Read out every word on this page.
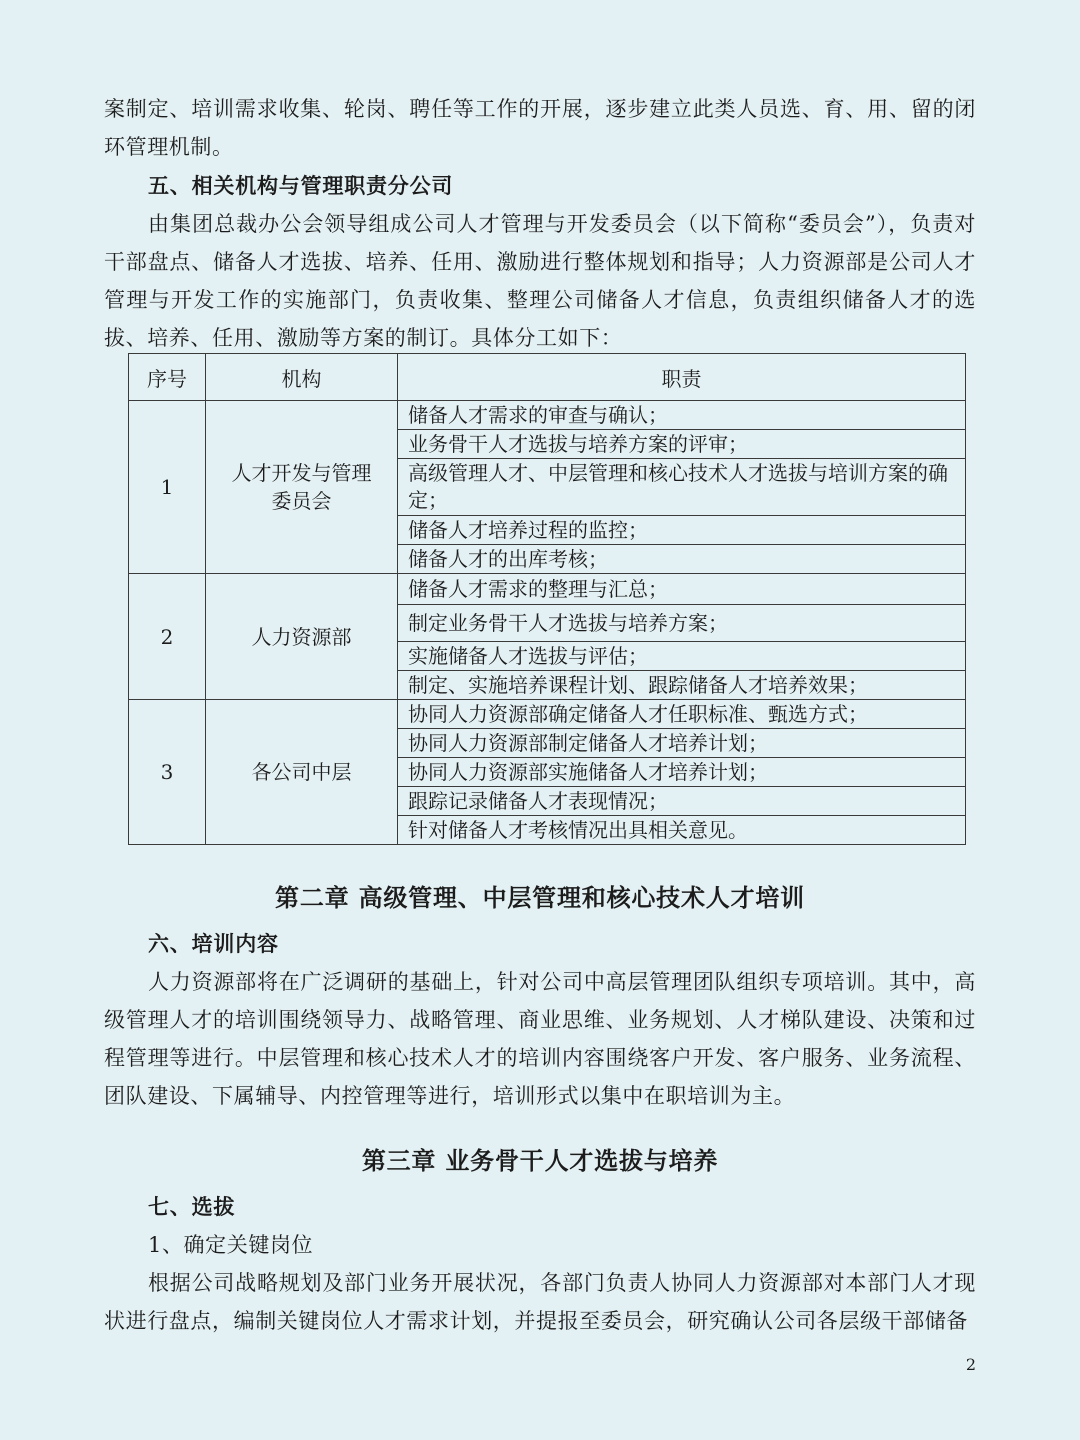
案制定、培训需求收集、轮岗、聘任等工作的开展，逐步建立此类人员选、育、用、留的闭环管理机制。

五、相关机构与管理职责分公司

由集团总裁办公会领导组成公司人才管理与开发委员会（以下简称“委员会”），负责对干部盘点、储备人才选拔、培养、任用、激励进行整体规划和指导；人力资源部是公司人才管理与开发工作的实施部门，负责收集、整理公司储备人才信息，负责组织储备人才的选拔、培养、任用、激励等方案的制订。具体分工如下：

序号	机构	职责
1	人才开发与管理委员会	储备人才需求的审查与确认；
		业务骨干人才选拔与培养方案的评审；
		高级管理人才、中层管理和核心技术人才选拔与培训方案的确定；
		储备人才培养过程的监控；
		储备人才的出库考核；
2	人力资源部	储备人才需求的整理与汇总；
		制定业务骨干人才选拔与培养方案；
		实施储备人才选拔与评估；
		制定、实施培养课程计划、跟踪储备人才培养效果；
3	各公司中层	协同人力资源部确定储备人才任职标准、甄选方式；
		协同人力资源部制定储备人才培养计划；
		协同人力资源部实施储备人才培养计划；
		跟踪记录储备人才表现情况；
		针对储备人才考核情况出具相关意见。

第二章 高级管理、中层管理和核心技术人才培训

六、培训内容

人力资源部将在广泛调研的基础上，针对公司中高层管理团队组织专项培训。其中，高级管理人才的培训围绕领导力、战略管理、商业思维、业务规划、人才梯队建设、决策和过程管理等进行。中层管理和核心技术人才的培训内容围绕客户开发、客户服务、业务流程、团队建设、下属辅导、内控管理等进行，培训形式以集中在职培训为主。

第三章 业务骨干人才选拔与培养

七、选拔

1、确定关键岗位

根据公司战略规划及部门业务开展状况，各部门负责人协同人力资源部对本部门人才现状进行盘点，编制关键岗位人才需求计划，并提报至委员会，研究确认公司各层级干部储备

2
